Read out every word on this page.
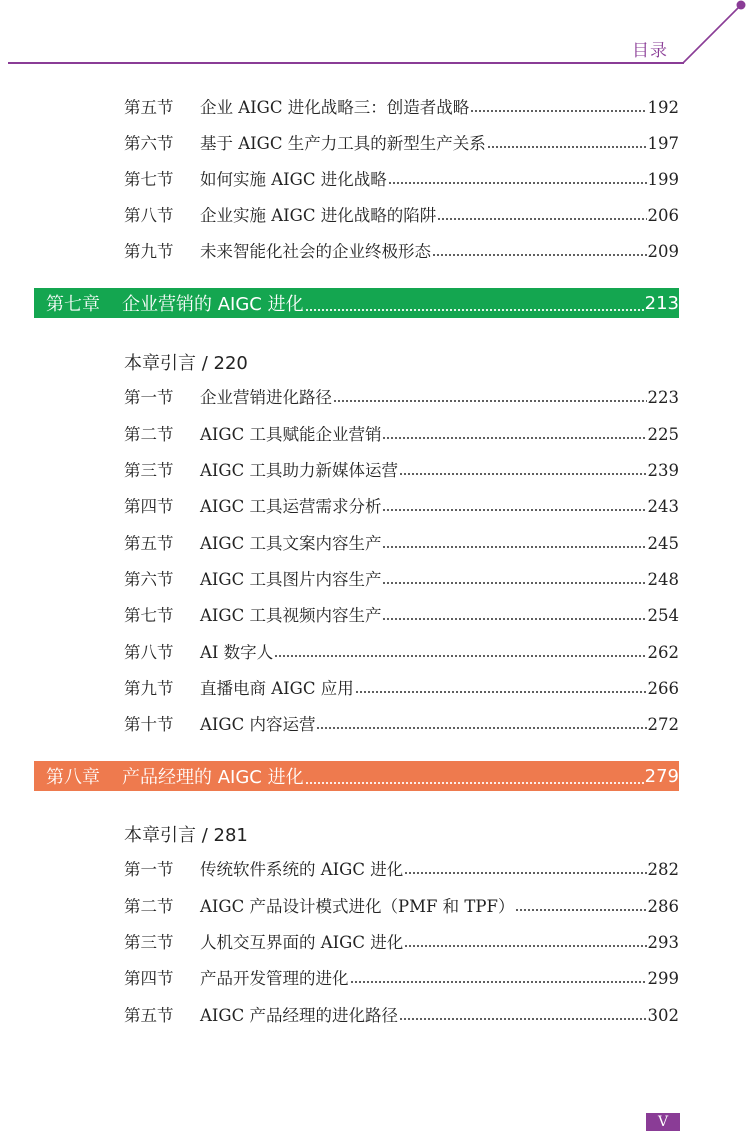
目录
第五节	企业 AIGC 进化战略三：创造者战略	192
第六节	基于 AIGC 生产力工具的新型生产关系	197
第七节	如何实施 AIGC 进化战略	199
第八节	企业实施 AIGC 进化战略的陷阱	206
第九节	未来智能化社会的企业终极形态	209
第七章	企业营销的 AIGC 进化	213
本章引言 / 220
第一节	企业营销进化路径	223
第二节	AIGC 工具赋能企业营销	225
第三节	AIGC 工具助力新媒体运营	239
第四节	AIGC 工具运营需求分析	243
第五节	AIGC 工具文案内容生产	245
第六节	AIGC 工具图片内容生产	248
第七节	AIGC 工具视频内容生产	254
第八节	AI 数字人	262
第九节	直播电商 AIGC 应用	266
第十节	AIGC 内容运营	272
第八章	产品经理的 AIGC 进化	279
本章引言 / 281
第一节	传统软件系统的 AIGC 进化	282
第二节	AIGC 产品设计模式进化（PMF 和 TPF）	286
第三节	人机交互界面的 AIGC 进化	293
第四节	产品开发管理的进化	299
第五节	AIGC 产品经理的进化路径	302
V
